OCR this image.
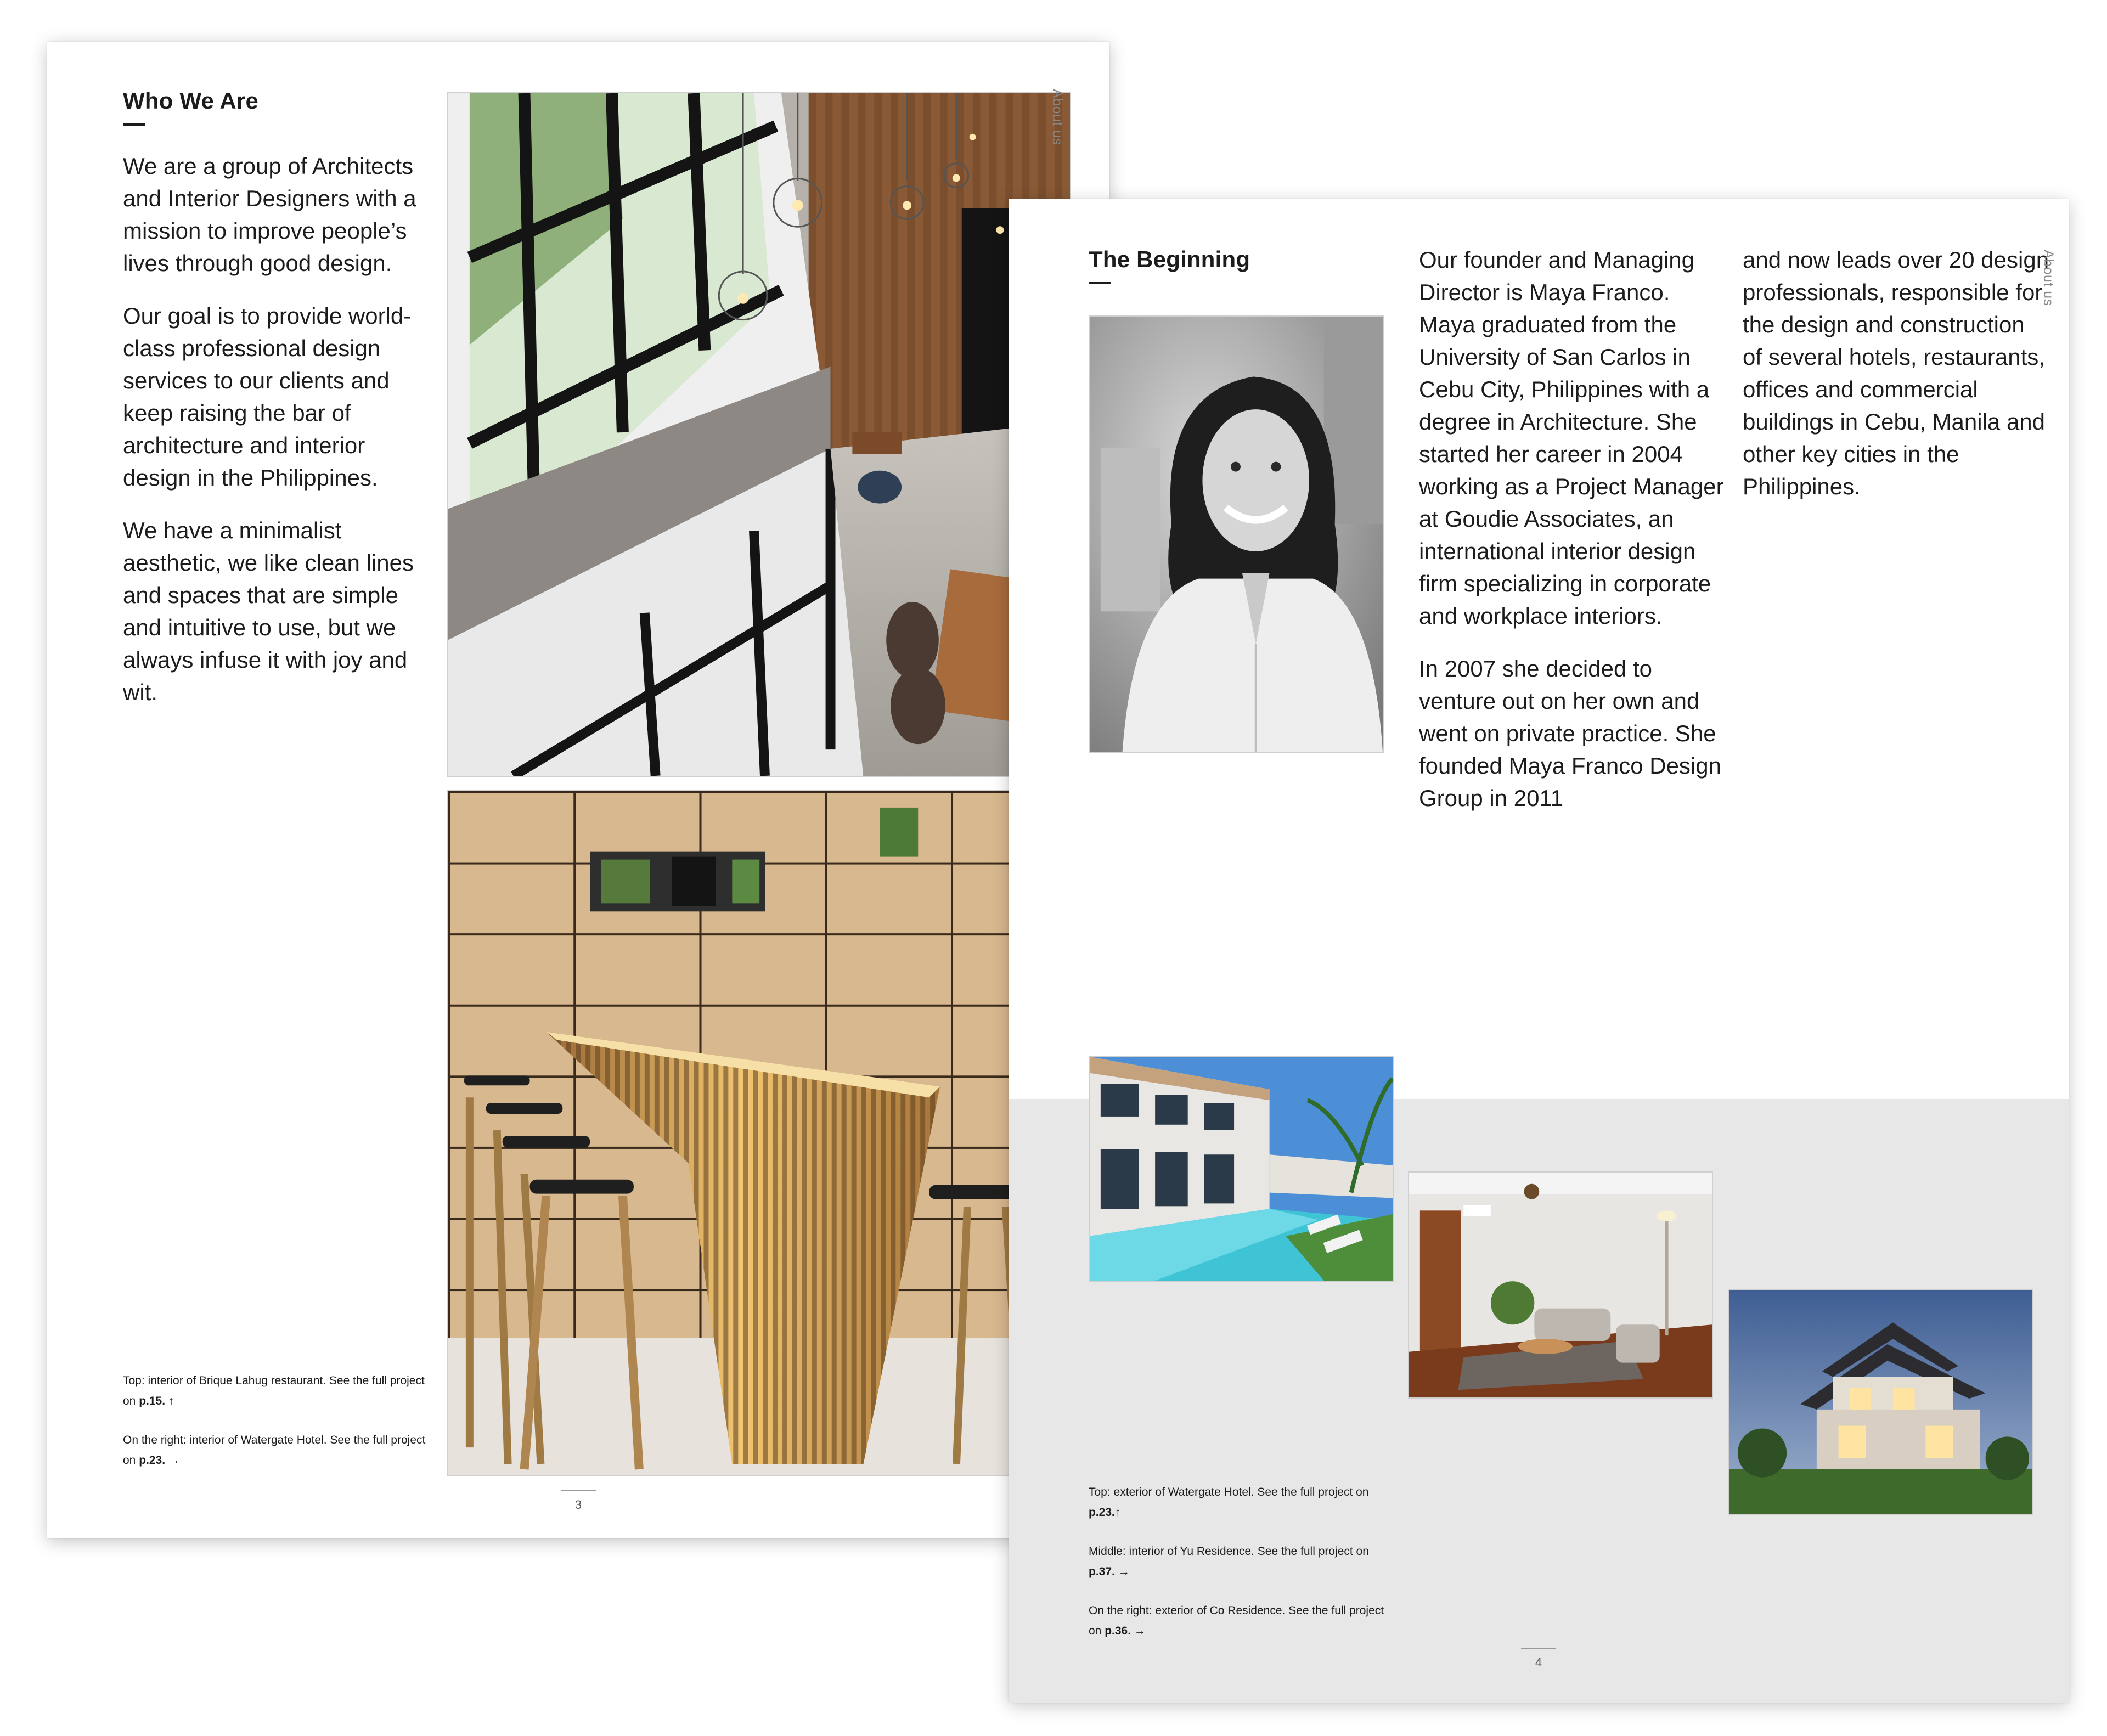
Who We Are

We are a group of Architects and Interior Designers with a mission to improve people’s lives through good design.

Our goal is to provide world-class professional design services to our clients and keep raising the bar of architecture and interior design in the Philippines.

We have a minimalist aesthetic, we like clean lines and spaces that are simple and intuitive to use, but we always infuse it with joy and wit.

About us

Top: interior of Brique Lahug restaurant. See the full project on p.15. ↑

On the right: interior of Watergate Hotel. See the full project on p.23. →

3
The Beginning	Our founder and Managing Director is Maya Franco. Maya graduated from the University of San Carlos in Cebu City, Philippines with a degree in Architecture. She started her career in 2004 working as a Project Manager at Goudie Associates, an international interior design firm specializing in corporate and workplace interiors.

In 2007 she decided to venture out on her own and went on private practice. She founded Maya Franco Design Group in 2011

and now leads over 20 design professionals, responsible for the design and construction of several hotels, restaurants, offices and commercial buildings in Cebu, Manila and other key cities in the Philippines.

About us

Top: exterior of Watergate Hotel. See the full project on p.23.↑

Middle: interior of Yu Residence. See the full project on p.37. →

On the right: exterior of Co Residence. See the full project on p.36. →

4
